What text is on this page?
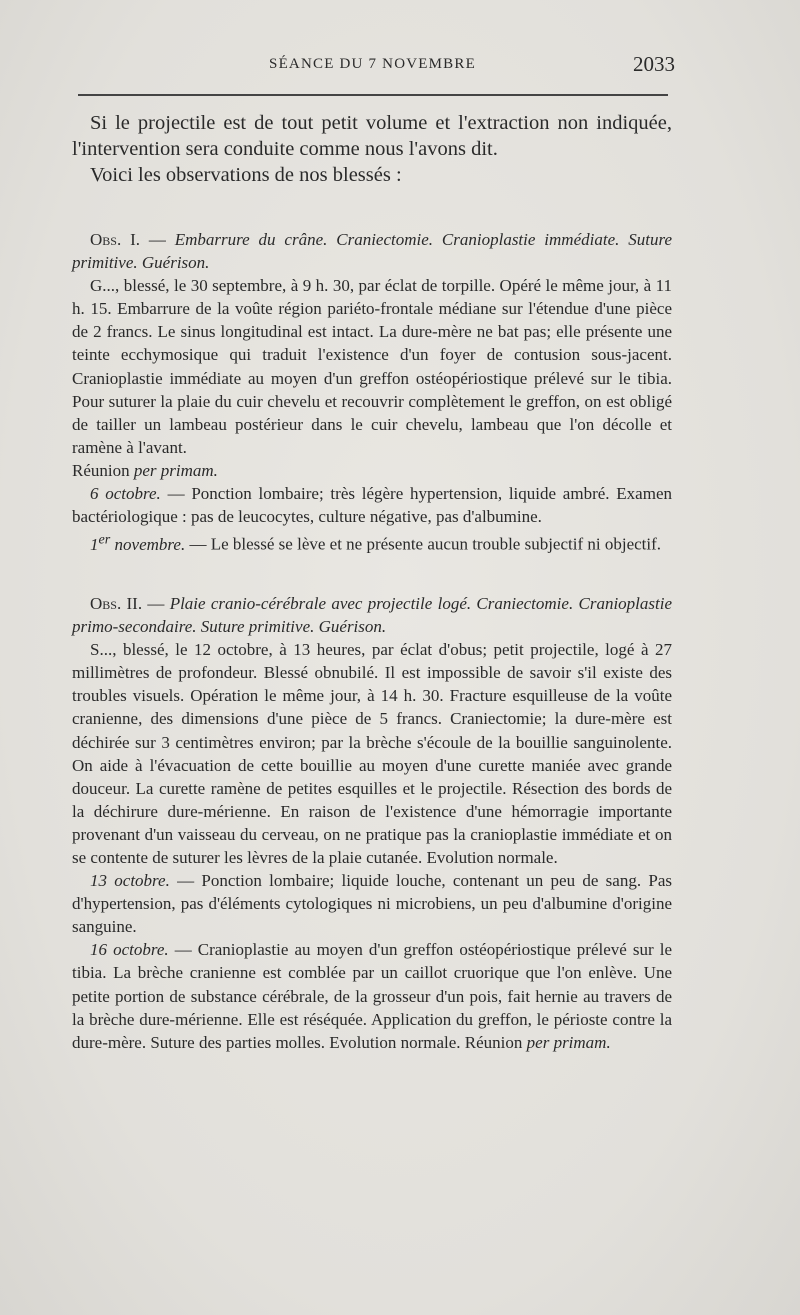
SÉANCE DU 7 NOVEMBRE	2033

Si le projectile est de tout petit volume et l'extraction non indiquée, l'intervention sera conduite comme nous l'avons dit.

Voici les observations de nos blessés :

Obs. I. — Embarrure du crâne. Craniectomie. Cranioplastie immédiate. Suture primitive. Guérison.

G..., blessé, le 30 septembre, à 9 h. 30, par éclat de torpille. Opéré le même jour, à 11 h. 15. Embarrure de la voûte région pariéto-frontale médiane sur l'étendue d'une pièce de 2 francs. Le sinus longitudinal est intact. La dure-mère ne bat pas; elle présente une teinte ecchymosique qui traduit l'existence d'un foyer de contusion sous-jacent. Cranioplastie immédiate au moyen d'un greffon ostéopériostique prélevé sur le tibia. Pour suturer la plaie du cuir chevelu et recouvrir complètement le greffon, on est obligé de tailler un lambeau postérieur dans le cuir chevelu, lambeau que l'on décolle et ramène à l'avant.
Réunion per primam.

6 octobre. — Ponction lombaire; très légère hypertension, liquide ambré. Examen bactériologique : pas de leucocytes, culture négative, pas d'albumine.

1er novembre. — Le blessé se lève et ne présente aucun trouble subjectif ni objectif.

Obs. II. — Plaie cranio-cérébrale avec projectile logé. Craniectomie. Cranioplastie primo-secondaire. Suture primitive. Guérison.

S..., blessé, le 12 octobre, à 13 heures, par éclat d'obus; petit projectile, logé à 27 millimètres de profondeur. Blessé obnubilé. Il est impossible de savoir s'il existe des troubles visuels. Opération le même jour, à 14 h. 30. Fracture esquilleuse de la voûte cranienne, des dimensions d'une pièce de 5 francs. Craniectomie; la dure-mère est déchirée sur 3 centimètres environ; par la brèche s'écoule de la bouillie sanguinolente. On aide à l'évacuation de cette bouillie au moyen d'une curette maniée avec grande douceur. La curette ramène de petites esquilles et le projectile. Résection des bords de la déchirure dure-mérienne. En raison de l'existence d'une hémorragie importante provenant d'un vaisseau du cerveau, on ne pratique pas la cranioplastie immédiate et on se contente de suturer les lèvres de la plaie cutanée. Evolution normale.

13 octobre. — Ponction lombaire; liquide louche, contenant un peu de sang. Pas d'hypertension, pas d'éléments cytologiques ni microbiens, un peu d'albumine d'origine sanguine.

16 octobre. — Cranioplastie au moyen d'un greffon ostéopériostique prélevé sur le tibia. La brèche cranienne est comblée par un caillot cruorique que l'on enlève. Une petite portion de substance cérébrale, de la grosseur d'un pois, fait hernie au travers de la brèche dure-mérienne. Elle est réséquée. Application du greffon, le périoste contre la dure-mère. Suture des parties molles. Evolution normale. Réunion per primam.
